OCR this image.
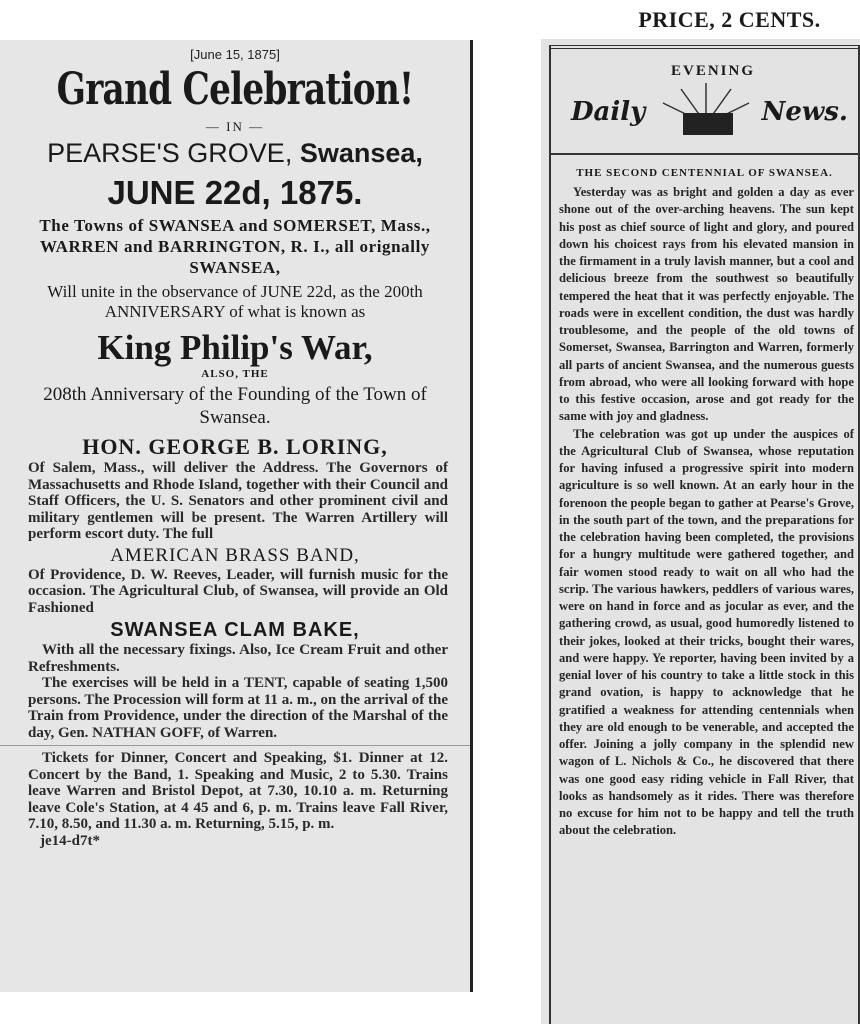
[June 15, 1875]
Grand Celebration!
— IN —
PEARSE'S GROVE, Swansea,
JUNE 22d, 1875.
The Towns of SWANSEA and SOMERSET, Mass., WARREN and BARRINGTON, R. I., all orignally SWANSEA,
Will unite in the observance of JUNE 22d, as the 200th ANNIVERSARY of what is known as
King Philip's War,
ALSO, THE
208th Anniversary of the Founding of the Town of Swansea.
HON. GEORGE B. LORING,
Of Salem, Mass., will deliver the Address. The Governors of Massachusetts and Rhode Island, together with their Council and Staff Officers, the U. S. Senators and other prominent civil and military gentlemen will be present. The Warren Artillery will perform escort duty. The full
AMERICAN BRASS BAND,
Of Providence, D. W. Reeves, Leader, will furnish music for the occasion. The Agricultural Club, of Swansea, will provide an Old Fashioned
SWANSEA CLAM BAKE,
With all the necessary fixings. Also, Ice Cream Fruit and other Refreshments.
The exercises will be held in a TENT, capable of seating 1,500 persons. The Procession will form at 11 a. m., on the arrival of the Train from Providence, under the direction of the Marshal of the day, Gen. NATHAN GOFF, of Warren.
Tickets for Dinner, Concert and Speaking, $1. Dinner at 12. Concert by the Band, 1. Speaking and Music, 2 to 5.30. Trains leave Warren and Bristol Depot, at 7.30, 10.10 a. m. Returning leave Cole's Station, at 4 45 and 6, p. m. Trains leave Fall River, 7.10, 8.50, and 11.30 a. m. Returning, 5.15, p. m.
je14-d7t*
PRICE, 2 CENTS.
EVENING
Daily	News.
THE SECOND CENTENNIAL OF SWANSEA.

Yesterday was as bright and golden a day as ever shone out of the over-arching heavens. The sun kept his post as chief source of light and glory, and poured down his choicest rays from his elevated mansion in the firmament in a truly lavish manner, but a cool and delicious breeze from the southwest so beautifully tempered the heat that it was perfectly enjoyable. The roads were in excellent condition, the dust was hardly troublesome, and the people of the old towns of Somerset, Swansea, Barrington and Warren, formerly all parts of ancient Swansea, and the numerous guests from abroad, who were all looking forward with hope to this festive occasion, arose and got ready for the same with joy and gladness.

The celebration was got up under the auspices of the Agricultural Club of Swansea, whose reputation for having infused a progressive spirit into modern agriculture is so well known. At an early hour in the forenoon the people began to gather at Pearse's Grove, in the south part of the town, and the preparations for the celebration having been completed, the provisions for a hungry multitude were gathered together, and fair women stood ready to wait on all who had the scrip. The various hawkers, peddlers of various wares, were on hand in force and as jocular as ever, and the gathering crowd, as usual, good humoredly listened to their jokes, looked at their tricks, bought their wares, and were happy. Ye reporter, having been invited by a genial lover of his country to take a little stock in this grand ovation, is happy to acknowledge that he gratified a weakness for attending centennials when they are old enough to be venerable, and accepted the offer. Joining a jolly company in the splendid new wagon of L. Nichols & Co., he discovered that there was one good easy riding vehicle in Fall River, that looks as handsomely as it rides. There was therefore no excuse for him not to be happy and tell the truth about the celebration.
